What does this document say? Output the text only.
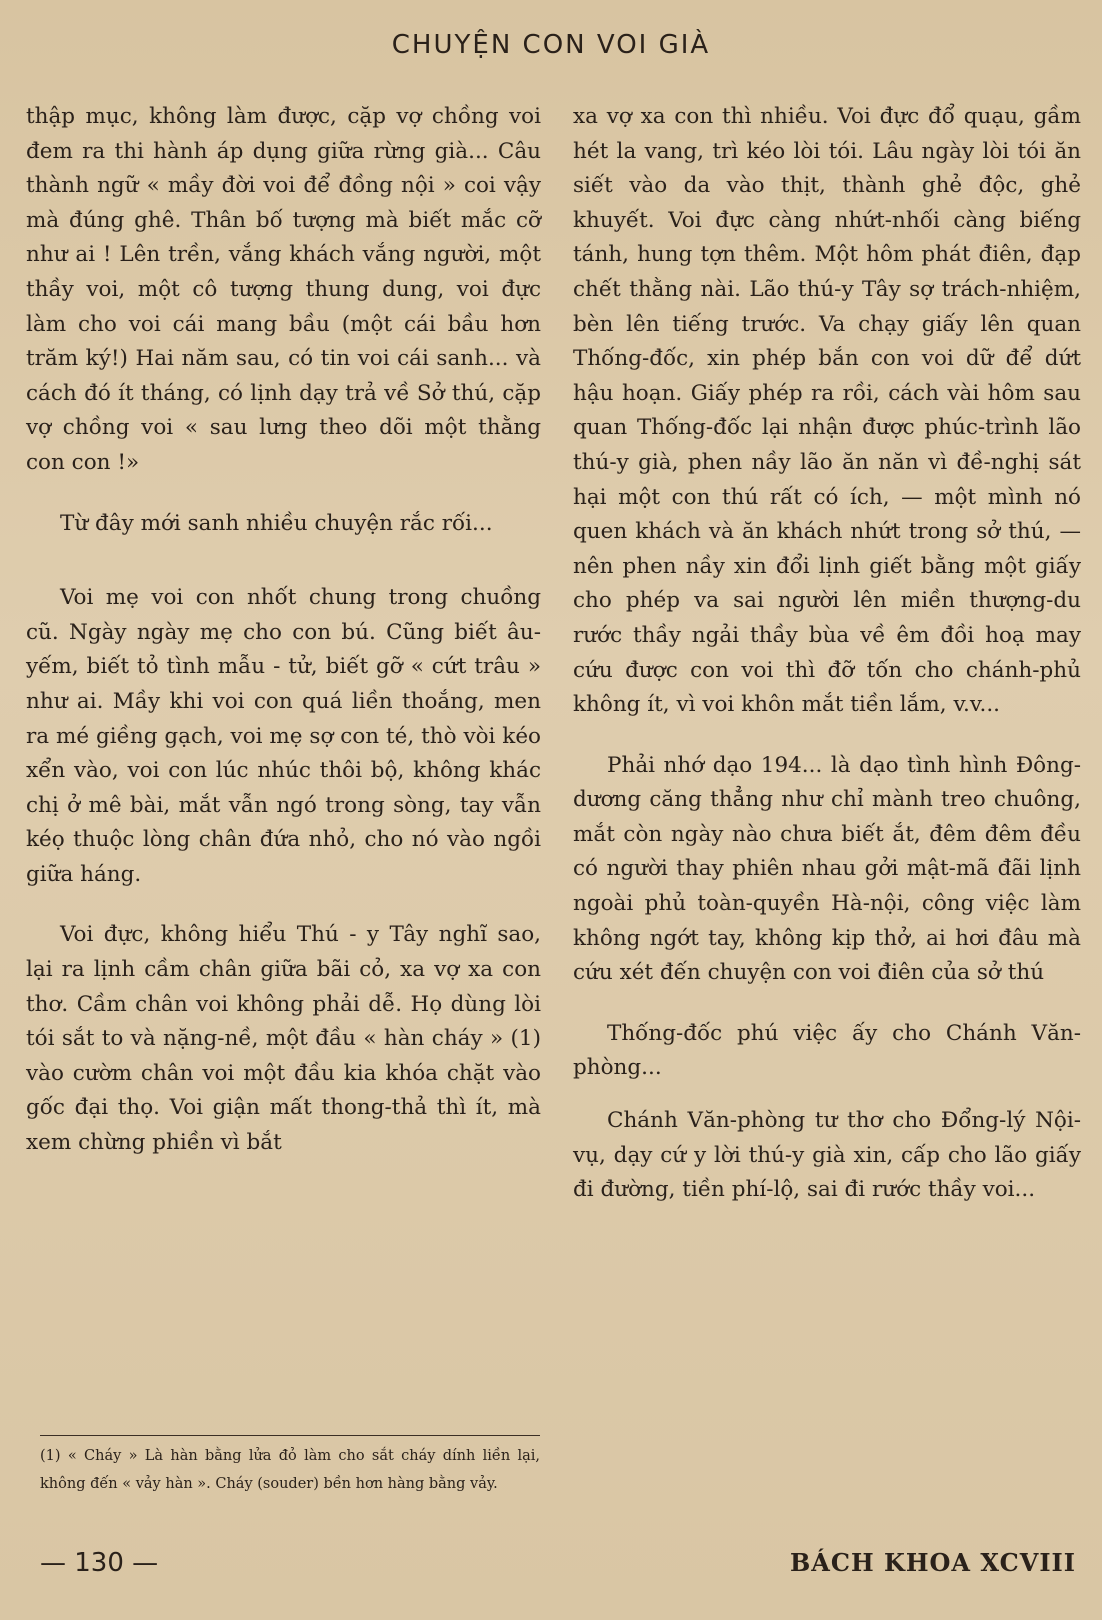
CHUYỆN CON VOI GIÀ

thập mục, không làm được, cặp vợ chồng voi đem ra thi hành áp dụng giữa rừng già... Câu thành ngữ « mầy đời voi để đồng nội » coi vậy mà đúng ghê. Thân bố tượng mà biết mắc cỡ như ai ! Lên trền, vắng khách vắng người, một thầy voi, một cô tượng thung dung, voi đực làm cho voi cái mang bầu (một cái bầu hơn trăm ký!) Hai năm sau, có tin voi cái sanh... và cách đó ít tháng, có lịnh dạy trả về Sở thú, cặp vợ chồng voi « sau lưng theo dõi một thằng con con !»

Từ đây mới sanh nhiều chuyện rắc rối...

Voi mẹ voi con nhốt chung trong chuồng cũ. Ngày ngày mẹ cho con bú. Cũng biết âu-yếm, biết tỏ tình mẫu - tử, biết gỡ « cứt trâu » như ai. Mầy khi voi con quá liền thoắng, men ra mé giềng gạch, voi mẹ sợ con té, thò vòi kéo xển vào, voi con lúc nhúc thôi bộ, không khác chị ở mê bài, mắt vẫn ngó trong sòng, tay vẫn kéọ thuộc lòng chân đứa nhỏ, cho nó vào ngồi giữa háng.

Voi đực, không hiểu Thú - y Tây nghĩ sao, lại ra lịnh cầm chân giữa bãi cỏ, xa vợ xa con thơ. Cầm chân voi không phải dễ. Họ dùng lòi tói sắt to và nặng-nề, một đầu « hàn cháy » (1) vào cườm chân voi một đầu kia khóa chặt vào gốc đại thọ. Voi giận mất thong-thả thì ít, mà xem chừng phiền vì bắt

xa vợ xa con thì nhiều. Voi đực đổ quạu, gầm hét la vang, trì kéo lòi tói. Lâu ngày lòi tói ăn siết vào da vào thịt, thành ghẻ độc, ghẻ khuyết. Voi đực càng nhứt-nhối càng biếng tánh, hung tợn thêm. Một hôm phát điên, đạp chết thằng nài. Lão thú-y Tây sợ trách-nhiệm, bèn lên tiếng trước. Va chạy giấy lên quan Thống-đốc, xin phép bắn con voi dữ để dứt hậu hoạn. Giấy phép ra rồi, cách vài hôm sau quan Thống-đốc lại nhận được phúc-trình lão thú-y già, phen nầy lão ăn năn vì đề-nghị sát hại một con thú rất có ích, — một mình nó quen khách và ăn khách nhứt trong sở thú, — nên phen nầy xin đổi lịnh giết bằng một giấy cho phép va sai người lên miền thượng-du rước thầy ngải thầy bùa về êm đồi hoạ may cứu được con voi thì đỡ tốn cho chánh-phủ không ít, vì voi khôn mắt tiền lắm, v.v...

Phải nhớ dạo 194... là dạo tình hình Đông-dương căng thẳng như chỉ mành treo chuông, mắt còn ngày nào chưa biết ắt, đêm đêm đều có người thay phiên nhau gởi mật-mã đãi lịnh ngoài phủ toàn-quyền Hà-nội, công việc làm không ngớt tay, không kịp thở, ai hơi đâu mà cứu xét đến chuyện con voi điên của sở thú

Thống-đốc phú việc ấy cho Chánh Văn-phòng...

Chánh Văn-phòng tư thơ cho Đổng-lý Nội-vụ, dạy cứ y lời thú-y già xin, cấp cho lão giấy đi đường, tiền phí-lộ, sai đi rước thầy voi...

(1) « Cháy » Là hàn bằng lửa đỏ làm cho sắt cháy dính liền lại, không đến « vảy hàn ». Cháy (souder) bền hơn hàng bằng vảy.
— 130 —	BÁCH KHOA XCVIII
